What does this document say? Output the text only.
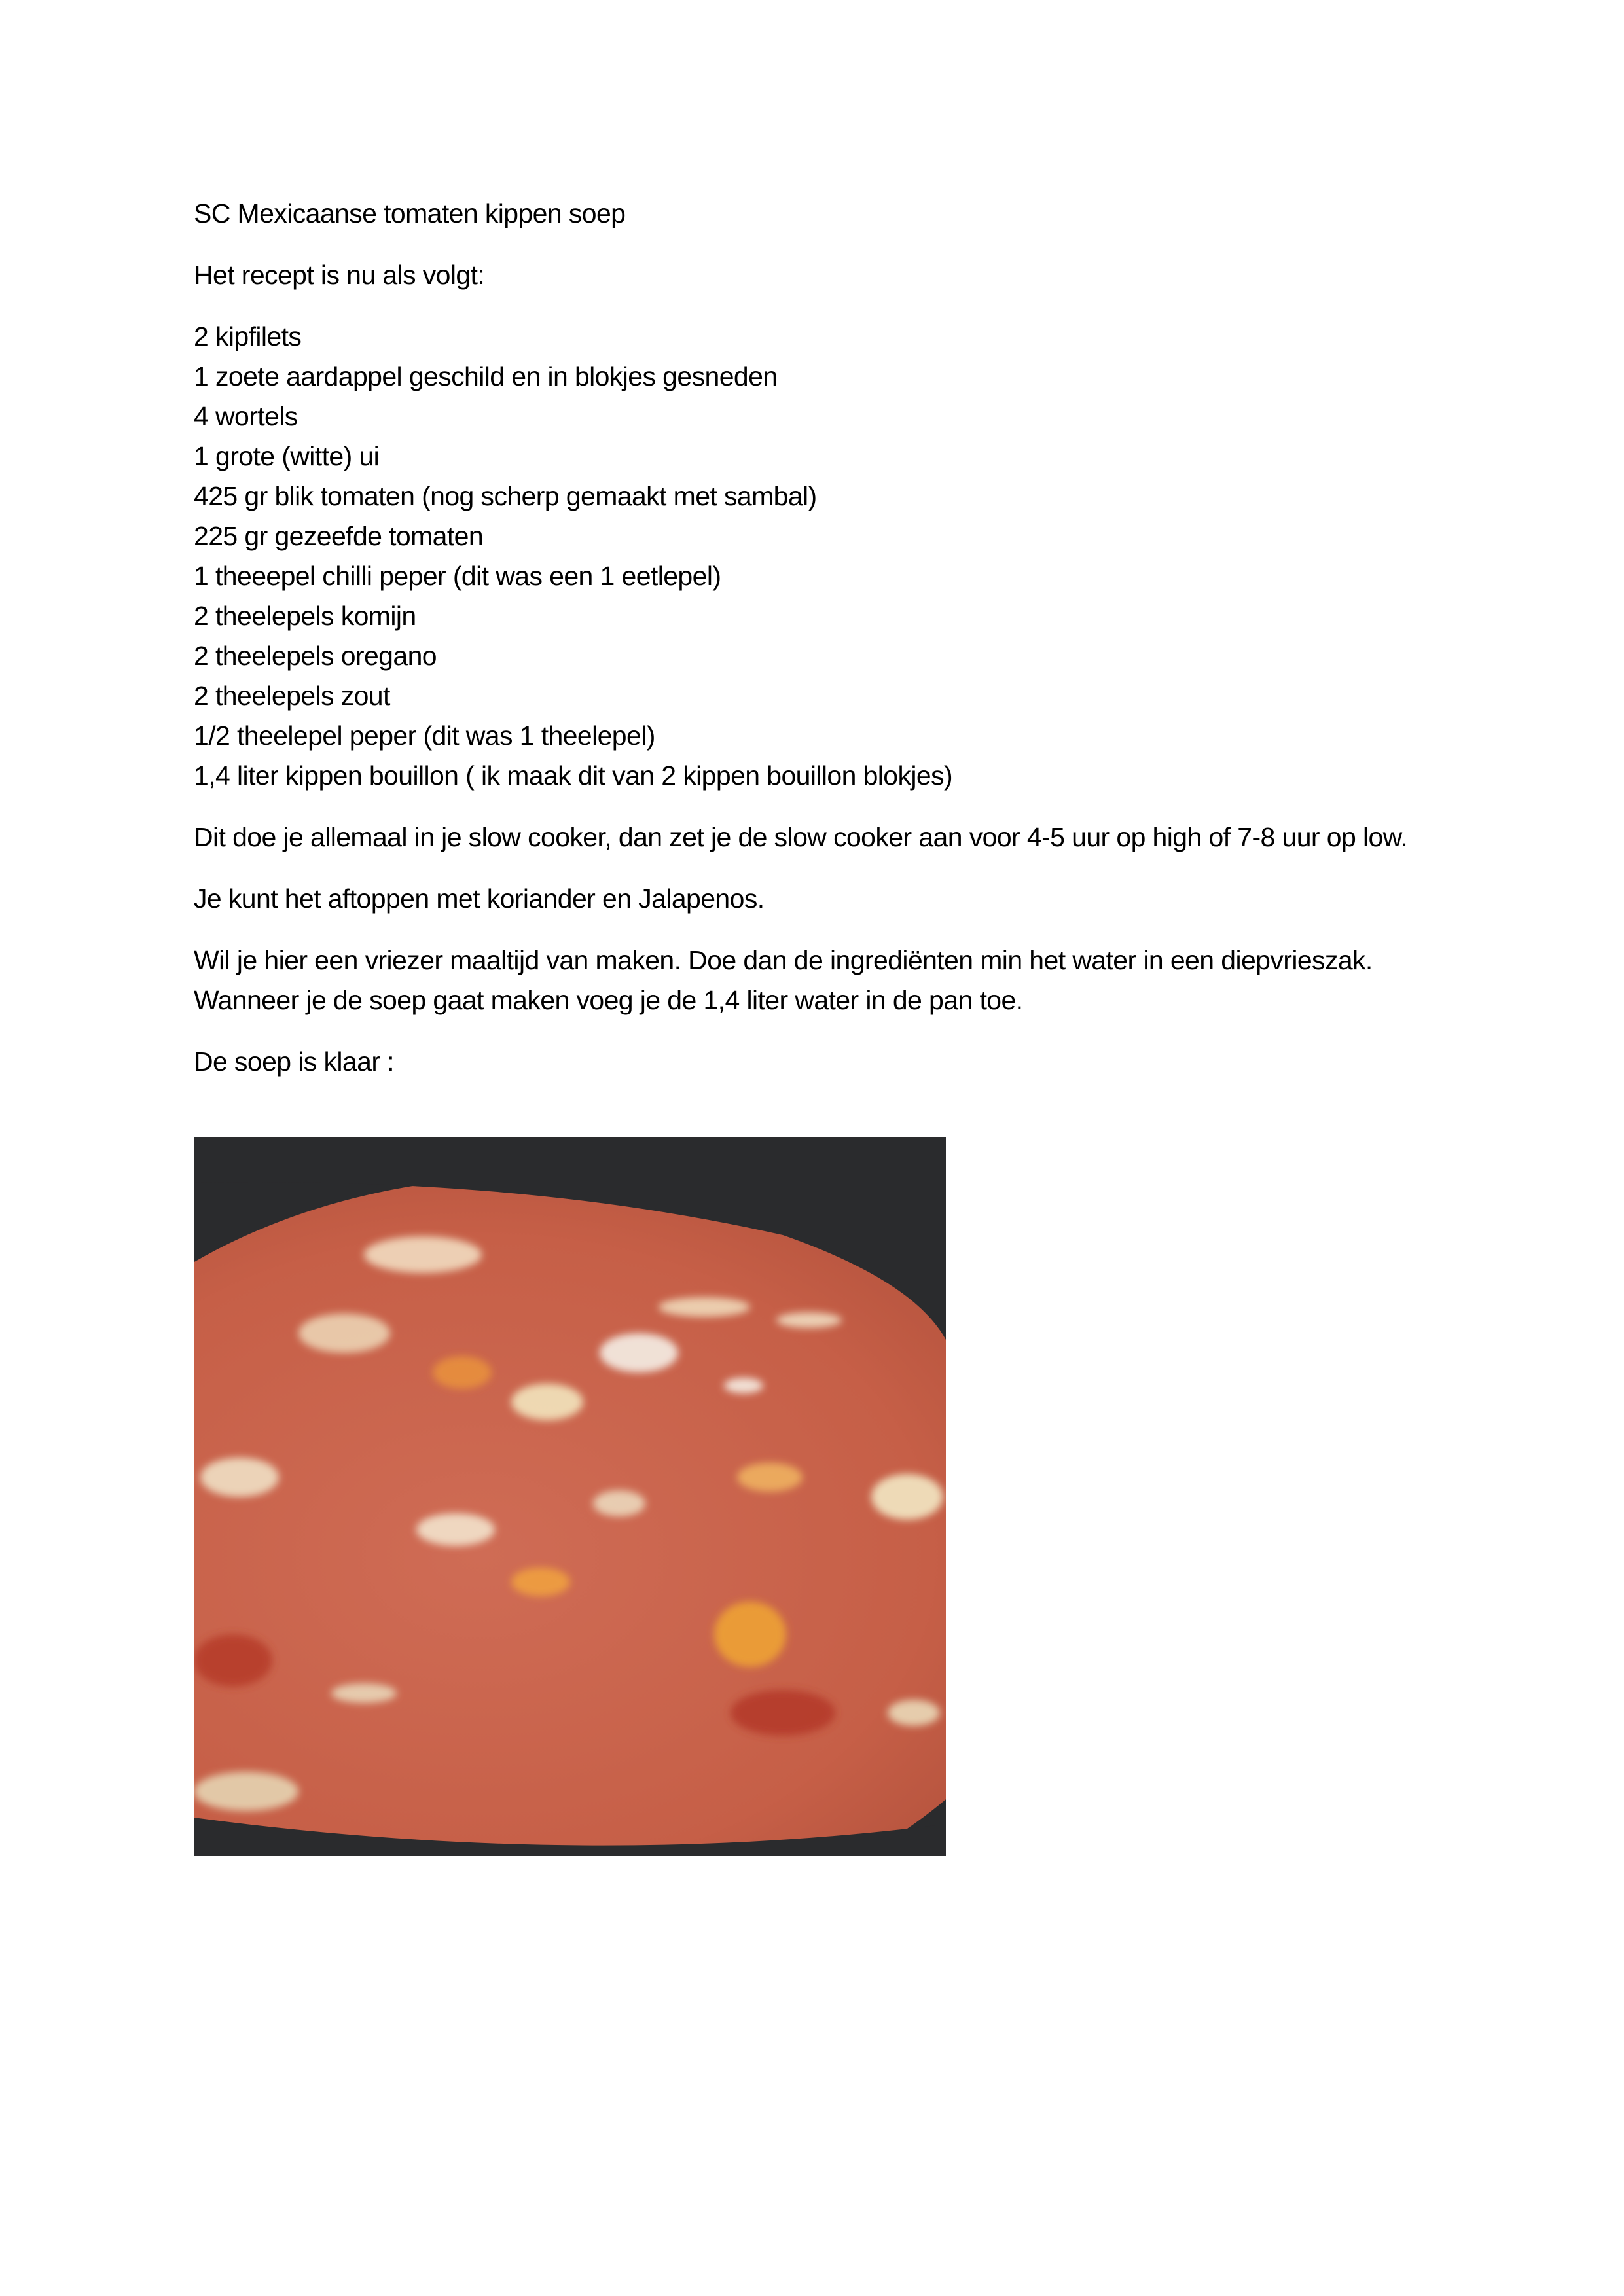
SC Mexicaanse tomaten kippen soep

Het recept is nu als volgt:

2 kipfilets
1 zoete aardappel geschild en in blokjes gesneden
4 wortels
1 grote (witte) ui
425 gr blik tomaten (nog scherp gemaakt met sambal)
225 gr gezeefde tomaten
1 theeepel chilli peper (dit was een 1 eetlepel)
2 theelepels komijn
2 theelepels oregano
2 theelepels zout
1/2 theelepel peper (dit was 1 theelepel)
1,4 liter kippen bouillon ( ik maak dit van 2 kippen bouillon blokjes)

Dit doe je allemaal in je slow cooker, dan zet je de slow cooker aan voor 4-5 uur op high of 7-8 uur op low.

Je kunt het aftoppen met koriander en Jalapenos.

Wil je hier een vriezer maaltijd van maken. Doe dan de ingrediënten min het water in een diepvrieszak. Wanneer je de soep gaat maken voeg je de 1,4 liter water in de pan toe.

De soep is klaar :
